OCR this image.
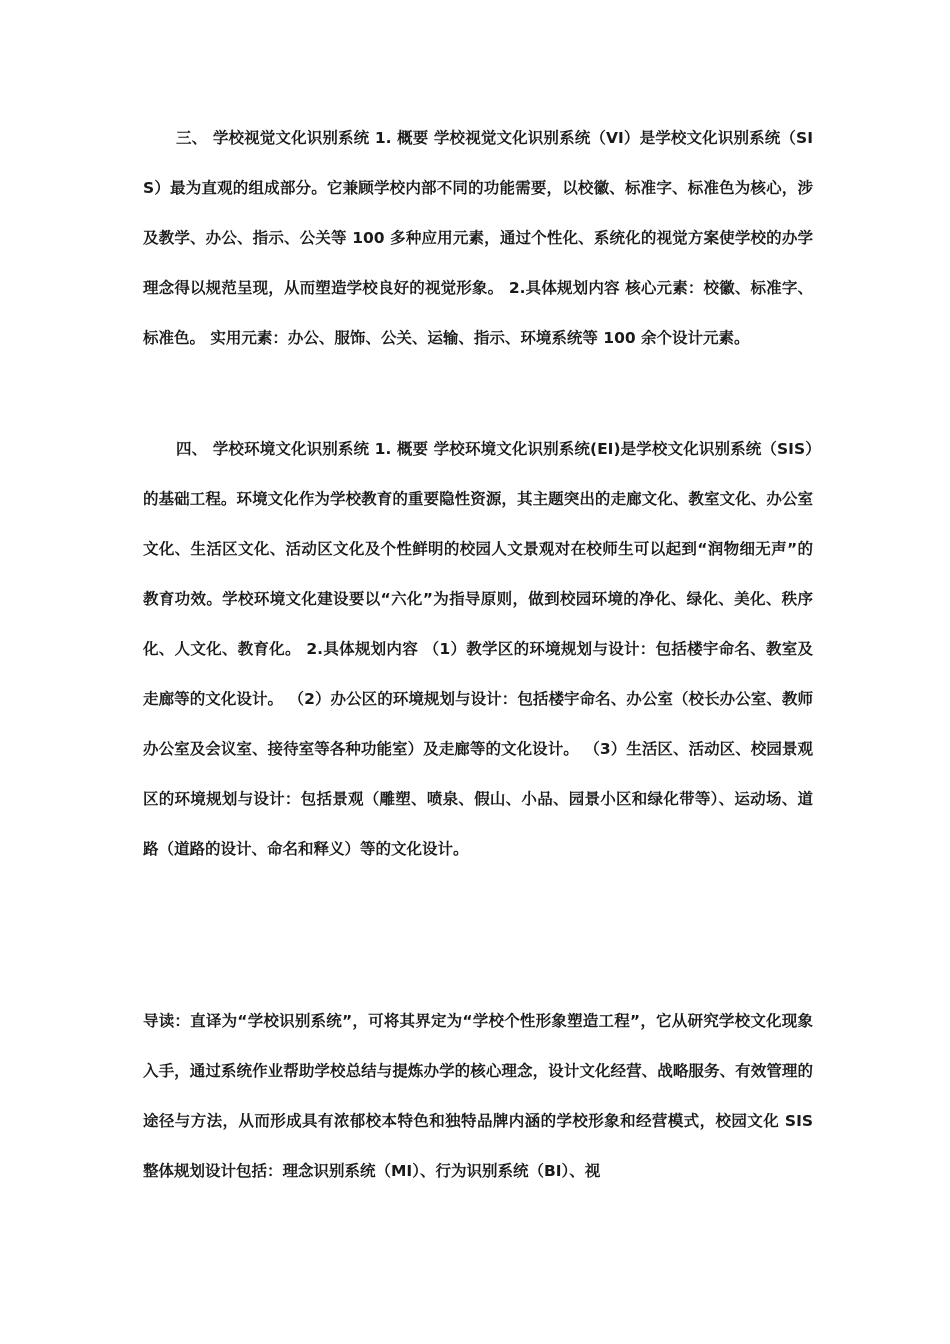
三、 学校视觉文化识别系统 1. 概要 学校视觉文化识别系统（VI）是学校文化识别系统（SIS）最为直观的组成部分。它兼顾学校内部不同的功能需要，以校徽、标准字、标准色为核心，涉及教学、办公、指示、公关等 100 多种应用元素，通过个性化、系统化的视觉方案使学校的办学理念得以规范呈现，从而塑造学校良好的视觉形象。 2.具体规划内容 核心元素：校徽、标准字、标准色。 实用元素：办公、服饰、公关、运输、指示、环境系统等 100 余个设计元素。

四、 学校环境文化识别系统 1. 概要 学校环境文化识别系统(EI)是学校文化识别系统（SIS）的基础工程。环境文化作为学校教育的重要隐性资源，其主题突出的走廊文化、教室文化、办公室文化、生活区文化、活动区文化及个性鲜明的校园人文景观对在校师生可以起到“润物细无声”的教育功效。学校环境文化建设要以“六化”为指导原则，做到校园环境的净化、绿化、美化、秩序化、人文化、教育化。 2.具体规划内容 （1）教学区的环境规划与设计：包括楼宇命名、教室及走廊等的文化设计。 （2）办公区的环境规划与设计：包括楼宇命名、办公室（校长办公室、教师办公室及会议室、接待室等各种功能室）及走廊等的文化设计。 （3）生活区、活动区、校园景观区的环境规划与设计：包括景观（雕塑、喷泉、假山、小品、园景小区和绿化带等）、运动场、道路（道路的设计、命名和释义）等的文化设计。

导读：直译为“学校识别系统”，可将其界定为“学校个性形象塑造工程”，它从研究学校文化现象入手，通过系统作业帮助学校总结与提炼办学的核心理念，设计文化经营、战略服务、有效管理的途径与方法，从而形成具有浓郁校本特色和独特品牌内涵的学校形象和经营模式，校园文化 SIS 整体规划设计包括：理念识别系统（MI）、行为识别系统（BI）、视
